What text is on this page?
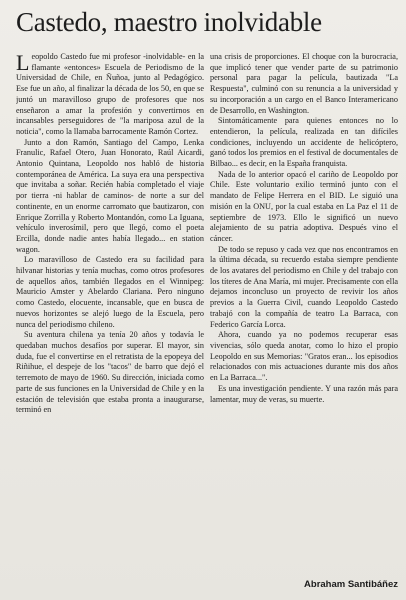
Castedo, maestro inolvidable

Leopoldo Castedo fue mi profesor -inolvidable- en la flamante «entonces» Escuela de Periodismo de la Universidad de Chile, en Ñuñoa, junto al Pedagógico. Ese fue un año, al finalizar la década de los 50, en que se juntó un maravilloso grupo de profesores que nos enseñaron a amar la profesión y convertirnos en incansables perseguidores de "la mariposa azul de la noticia", como la llamaba barrocamente Ramón Cortez.

Junto a don Ramón, Santiago del Campo, Lenka Franulic, Rafael Otero, Juan Honorato, Raúl Aicardi, Antonio Quintana, Leopoldo nos habló de historia contemporánea de América. La suya era una perspectiva que invitaba a soñar. Recién había completado el viaje por tierra -ni hablar de caminos- de norte a sur del continente, en un enorme carromato que bautizaron, con Enrique Zorrilla y Roberto Montandón, como La Iguana, vehículo inverosímil, pero que llegó, como el poeta Ercilla, donde nadie antes había llegado... en station wagon.

Lo maravilloso de Castedo era su facilidad para hilvanar historias y tenía muchas, como otros profesores de aquellos años, también llegados en el Winnipeg: Mauricio Amster y Abelardo Clariana. Pero ninguno como Castedo, elocuente, incansable, que en busca de nuevos horizontes se alejó luego de la Escuela, pero nunca del periodismo chileno.

Su aventura chilena ya tenía 20 años y todavía le quedaban muchos desafíos por superar. El mayor, sin duda, fue el convertirse en el retratista de la epopeya del Riñihue, el despeje de los "tacos" de barro que dejó el terremoto de mayo de 1960. Su dirección, iniciada como parte de sus funciones en la Universidad de Chile y en la estación de televisión que estaba pronta a inaugurarse, terminó en

una crisis de proporciones. El choque con la burocracia, que implicó tener que vender parte de su patrimonio personal para pagar la película, bautizada "La Respuesta", culminó con su renuncia a la universidad y su incorporación a un cargo en el Banco Interamericano de Desarrollo, en Washington.

Sintomáticamente para quienes entonces no lo entendieron, la película, realizada en tan difíciles condiciones, incluyendo un accidente de helicóptero, ganó todos los premios en el festival de documentales de Bilbao... es decir, en la España franquista.

Nada de lo anterior opacó el cariño de Leopoldo por Chile. Este voluntario exilio terminó junto con el mandato de Felipe Herrera en el BID. Le siguió una misión en la ONU, por la cual estaba en La Paz el 11 de septiembre de 1973. Ello le significó un nuevo alejamiento de su patria adoptiva. Después vino el cáncer.

De todo se repuso y cada vez que nos encontramos en la última década, su recuerdo estaba siempre pendiente de los avatares del periodismo en Chile y del trabajo con los títeres de Ana María, mi mujer. Precisamente con ella dejamos inconcluso un proyecto de revivir los años previos a la Guerra Civil, cuando Leopoldo Castedo trabajó con la compañía de teatro La Barraca, con Federico García Lorca.

Ahora, cuando ya no podemos recuperar esas vivencias, sólo queda anotar, como lo hizo el propio Leopoldo en sus Memorias: "Gratos eran... los episodios relacionados con mis actuaciones durante mis dos años en La Barraca...".

Es una investigación pendiente. Y una razón más para lamentar, muy de veras, su muerte.

Abraham Santibáñez
